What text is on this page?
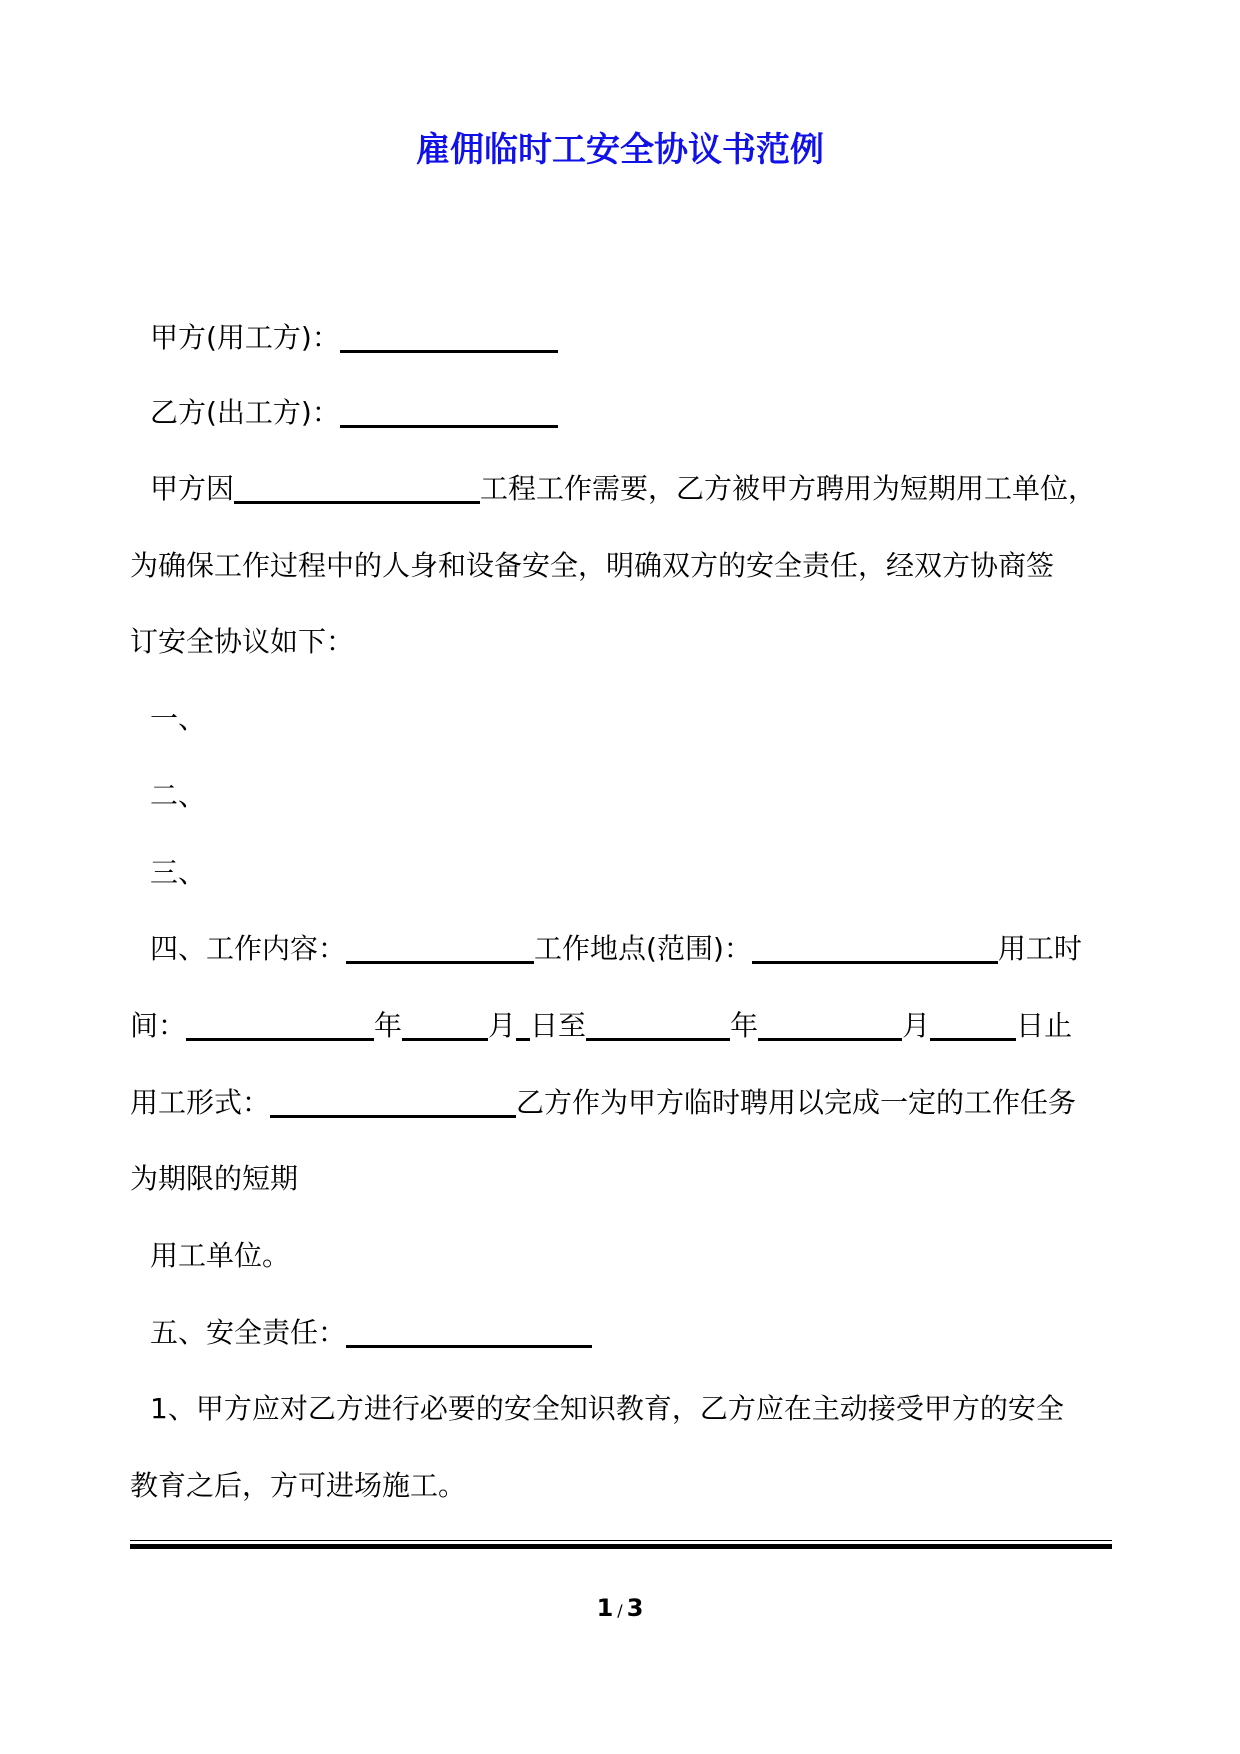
雇佣临时工安全协议书范例
甲方(用工方)：
乙方(出工方)：
甲方因	工程工作需要，乙方被甲方聘用为短期用工单位，
为确保工作过程中的人身和设备安全，明确双方的安全责任，经双方协商签
订安全协议如下：
一、
二、
三、
四、工作内容：	工作地点(范围)：	用工时
间：	年	月 日至	年	月	日止
用工形式：	乙方作为甲方临时聘用以完成一定的工作任务
为期限的短期
用工单位。
五、安全责任：
1、甲方应对乙方进行必要的安全知识教育，乙方应在主动接受甲方的安全
教育之后，方可进场施工。
1 / 3
